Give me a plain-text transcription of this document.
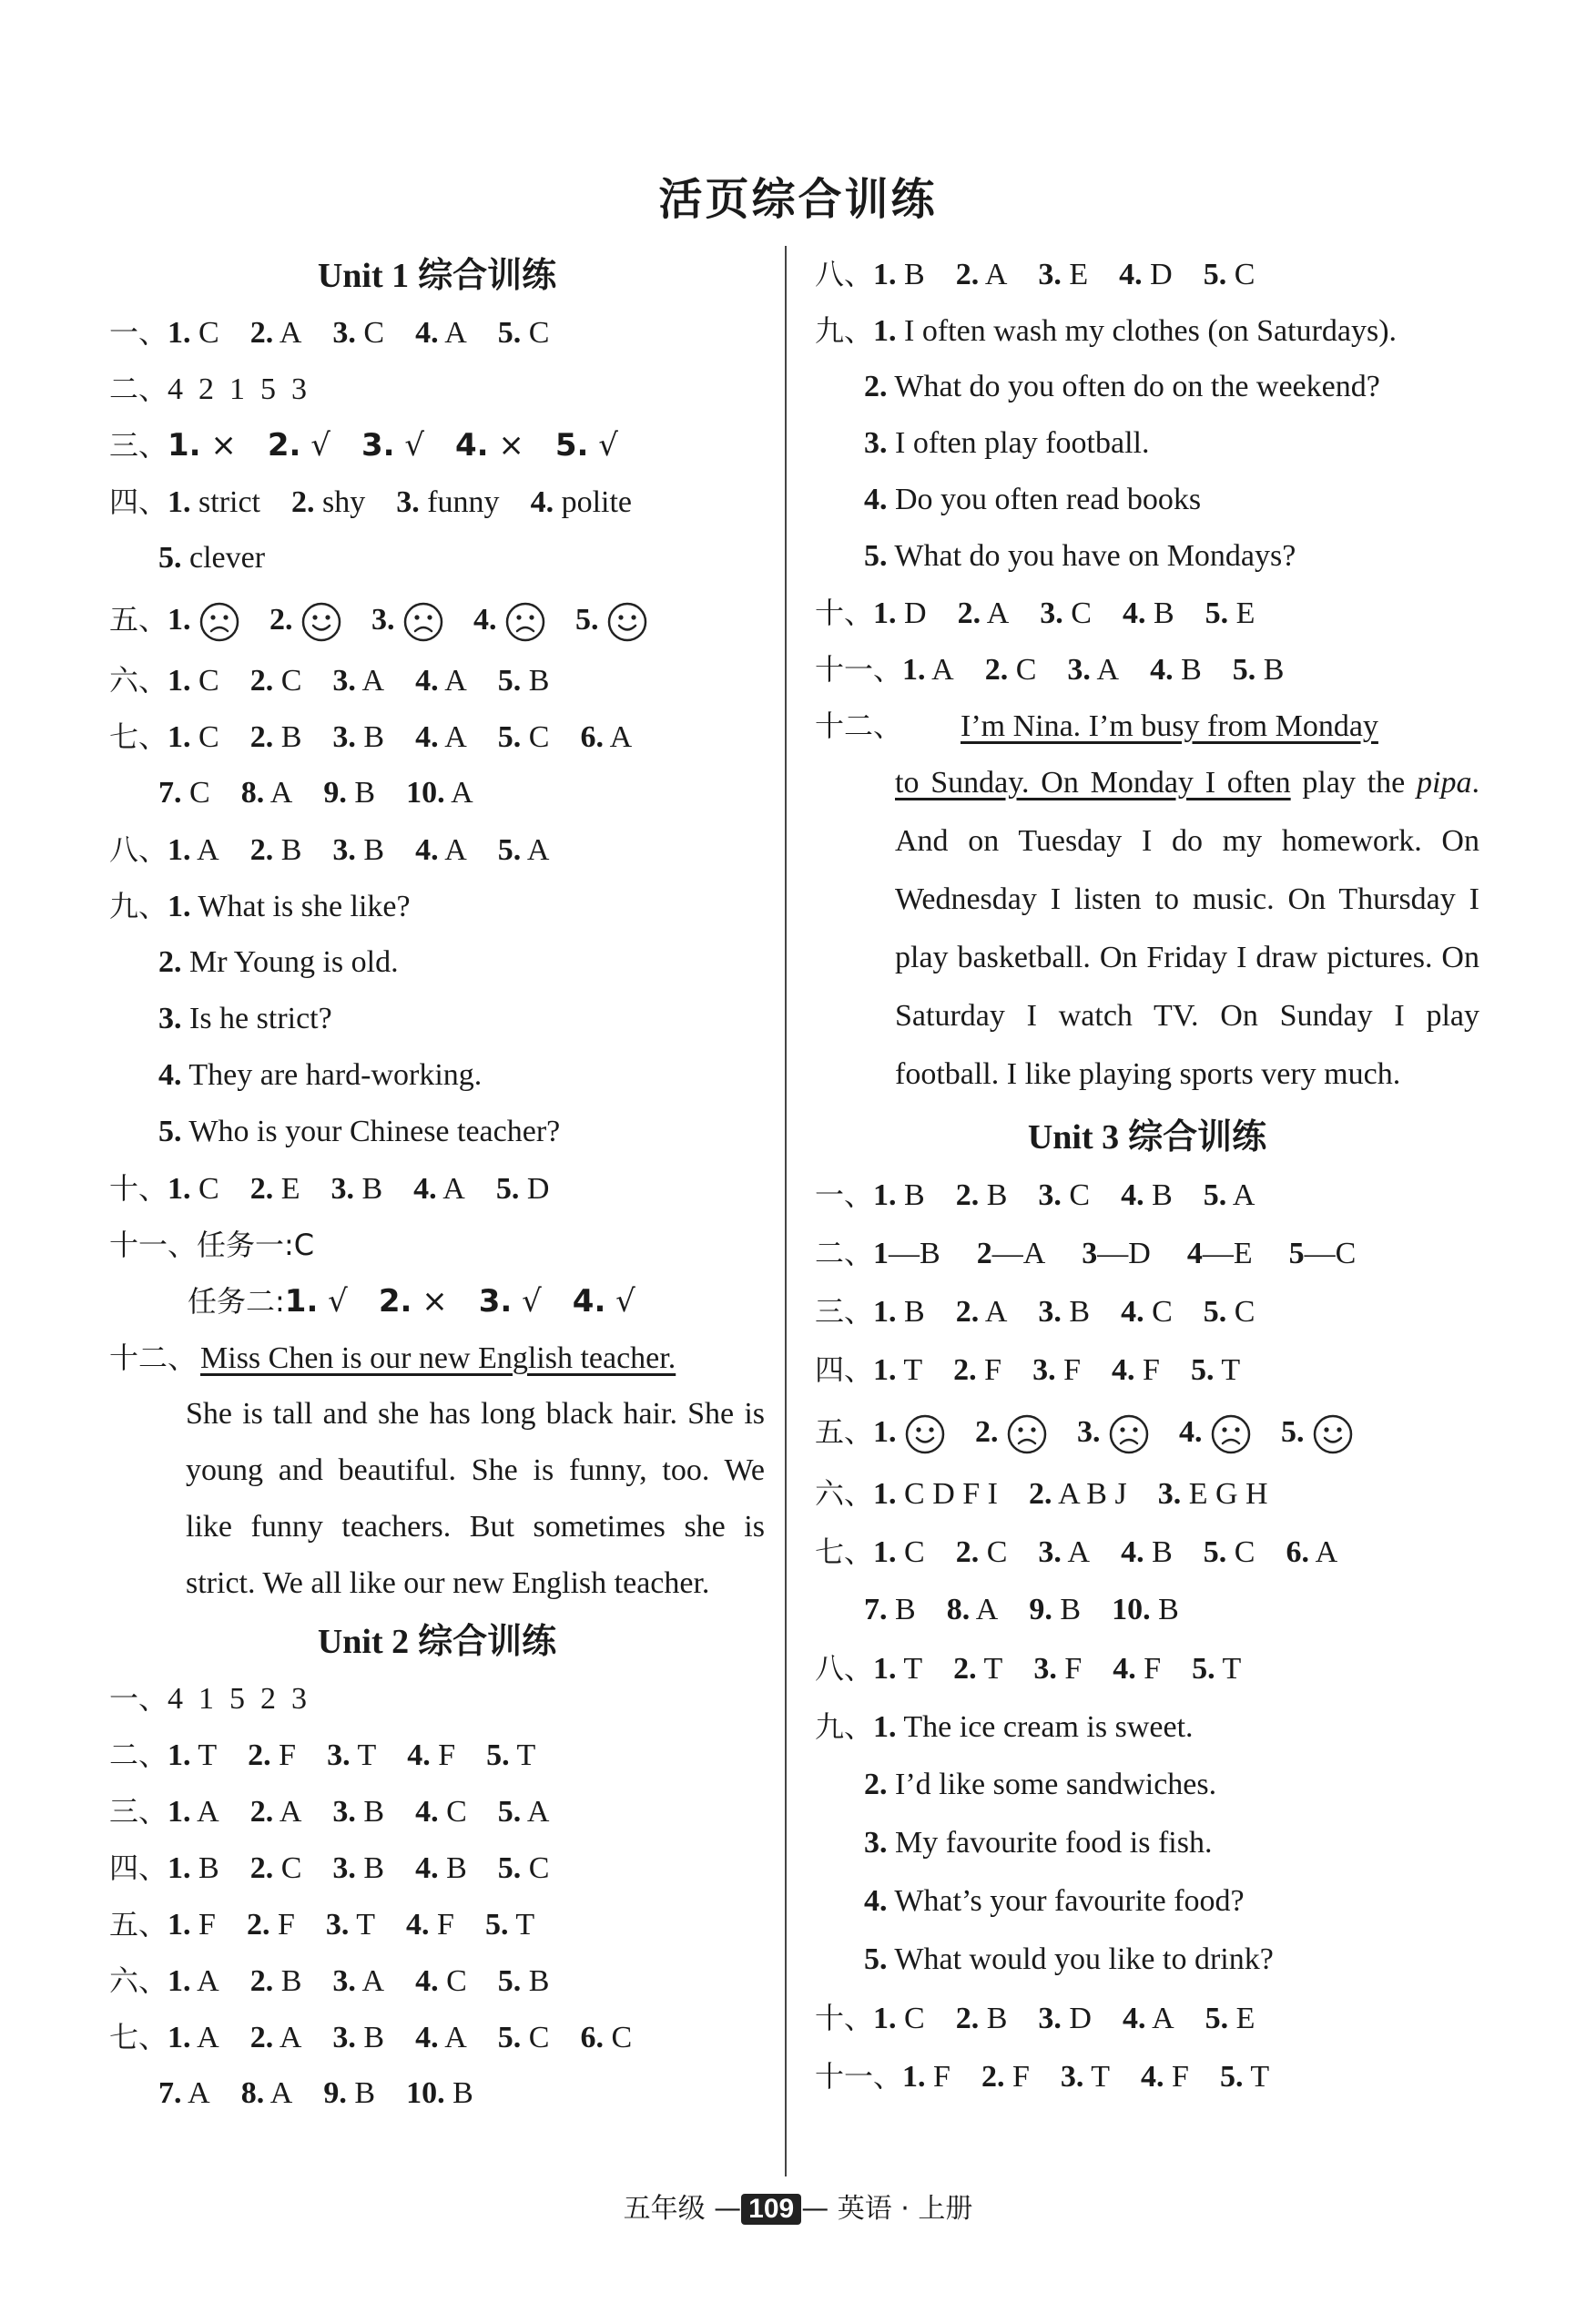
活页综合训练
Unit 1 综合训练
一、1. C 2. A 3. C 4. A 5. C
二、4  2  1  5  3
三、1. × 2. √ 3. √ 4. × 5. √
四、1. strict 2. shy 3. funny 4. polite
5. clever
五、1. 2. 3. 4. 5.
六、1. C 2. C 3. A 4. A 5. B
七、1. C 2. B 3. B 4. A 5. C 6. A
7. C 8. A 9. B 10. A
八、1. A 2. B 3. B 4. A 5. A
九、1. What is she like?
2. Mr Young is old.
3. Is he strict?
4. They are hard-working.
5. Who is your Chinese teacher?
十、1. C 2. E 3. B 4. A 5. D
十一、任务一:C
任务二:1. √ 2. × 3. √ 4. √
十二、 Miss Chen is our new English teacher.
She is tall and she has long black hair. She is young and beautiful. She is funny, too. We like funny teachers. But sometimes she is strict. We all like our new English teacher.
Unit 2 综合训练
一、4  1  5  2  3
二、1. T 2. F 3. T 4. F 5. T
三、1. A 2. A 3. B 4. C 5. A
四、1. B 2. C 3. B 4. B 5. C
五、1. F 2. F 3. T 4. F 5. T
六、1. A 2. B 3. A 4. C 5. B
七、1. A 2. A 3. B 4. A 5. C 6. C
7. A 8. A 9. B 10. B
八、1. B 2. A 3. E 4. D 5. C
九、1. I often wash my clothes (on Saturdays).
2. What do you often do on the weekend?
3. I often play football.
4. Do you often read books
5. What do you have on Mondays?
十、1. D 2. A 3. C 4. B 5. E
十一、1. A 2. C 3. A 4. B 5. B
十二、 I’m Nina. I’m busy from Monday
to Sunday. On Monday I often play the pipa. And on Tuesday I do my homework. On Wednesday I listen to music. On Thursday I play basketball. On Friday I draw pictures. On Saturday I watch TV. On Sunday I play football. I like playing sports very much.
Unit 3 综合训练
一、1. B 2. B 3. C 4. B 5. A
二、1—B 2—A 3—D 4—E 5—C
三、1. B 2. A 3. B 4. C 5. C
四、1. T 2. F 3. F 4. F 5. T
五、1. 2. 3. 4. 5.
六、1. C D F I 2. A B J 3. E G H
七、1. C 2. C 3. A 4. B 5. C 6. A
7. B 8. A 9. B 10. B
八、1. T 2. T 3. F 4. F 5. T
九、1. The ice cream is sweet.
2. I’d like some sandwiches.
3. My favourite food is fish.
4. What’s your favourite food?
5. What would you like to drink?
十、1. C 2. B 3. D 4. A 5. E
十一、1. F 2. F 3. T 4. F 5. T
五年级 — 109 — 英语 · 上册
